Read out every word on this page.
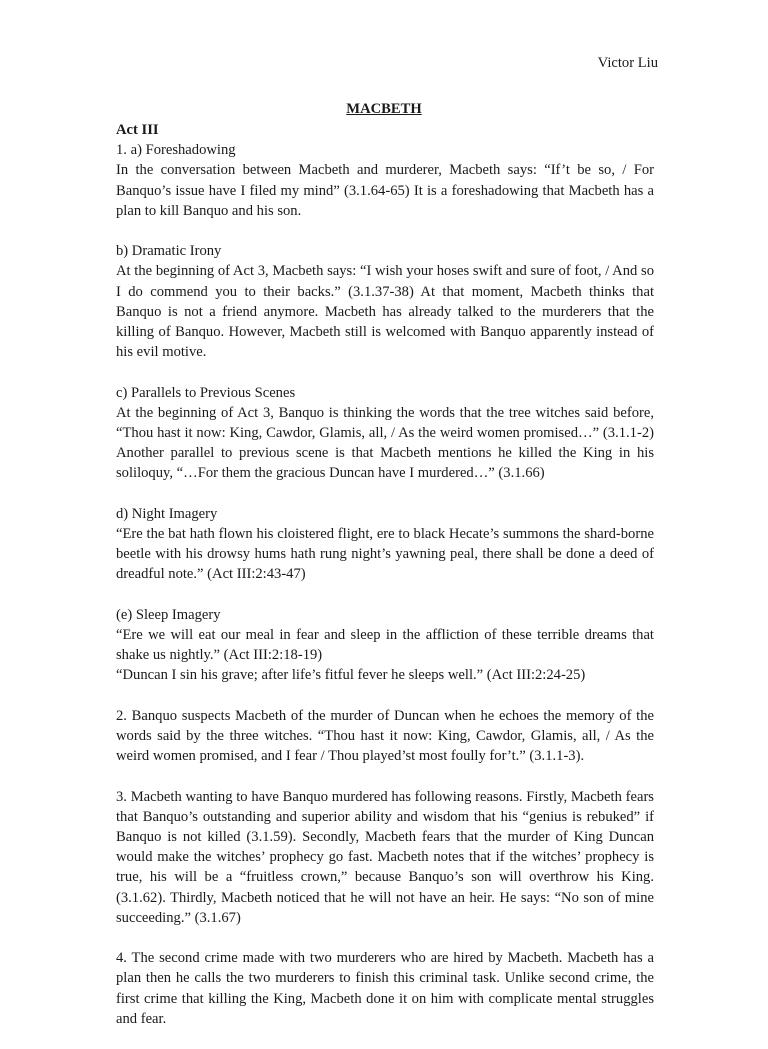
Victor Liu

MACBETH

Act III

1. a) Foreshadowing

In the conversation between Macbeth and murderer, Macbeth says: “If’t be so, / For Banquo’s issue have I filed my mind” (3.1.64-65) It is a foreshadowing that Macbeth has a plan to kill Banquo and his son.

b) Dramatic Irony

At the beginning of Act 3, Macbeth says: “I wish your hoses swift and sure of foot, / And so I do commend you to their backs.” (3.1.37-38) At that moment, Macbeth thinks that Banquo is not a friend anymore. Macbeth has already talked to the murderers that the killing of Banquo. However, Macbeth still is welcomed with Banquo apparently instead of his evil motive.

c) Parallels to Previous Scenes

At the beginning of Act 3, Banquo is thinking the words that the tree witches said before, “Thou hast it now: King, Cawdor, Glamis, all, / As the weird women promised…” (3.1.1-2) Another parallel to previous scene is that Macbeth mentions he killed the King in his soliloquy, “…For them the gracious Duncan have I murdered…” (3.1.66)

d) Night Imagery

“Ere the bat hath flown his cloistered flight, ere to black Hecate’s summons the shard-borne beetle with his drowsy hums hath rung night’s yawning peal, there shall be done a deed of dreadful note.” (Act III:2:43-47)

(e) Sleep Imagery

“Ere we will eat our meal in fear and sleep in the affliction of these terrible dreams that shake us nightly.” (Act III:2:18-19)

“Duncan I sin his grave; after life’s fitful fever he sleeps well.” (Act III:2:24-25)

2. Banquo suspects Macbeth of the murder of Duncan when he echoes the memory of the words said by the three witches. “Thou hast it now: King, Cawdor, Glamis, all, / As the weird women promised, and I fear / Thou played’st most foully for’t.” (3.1.1-3).

3. Macbeth wanting to have Banquo murdered has following reasons. Firstly, Macbeth fears that Banquo’s outstanding and superior ability and wisdom that his “genius is rebuked” if Banquo is not killed (3.1.59). Secondly, Macbeth fears that the murder of King Duncan would make the witches’ prophecy go fast. Macbeth notes that if the witches’ prophecy is true, his will be a “fruitless crown,” because Banquo’s son will overthrow his King. (3.1.62). Thirdly, Macbeth noticed that he will not have an heir. He says: “No son of mine succeeding.” (3.1.67)

4. The second crime made with two murderers who are hired by Macbeth. Macbeth has a plan then he calls the two murderers to finish this criminal task. Unlike second crime, the first crime that killing the King, Macbeth done it on him with complicate mental struggles and fear.
